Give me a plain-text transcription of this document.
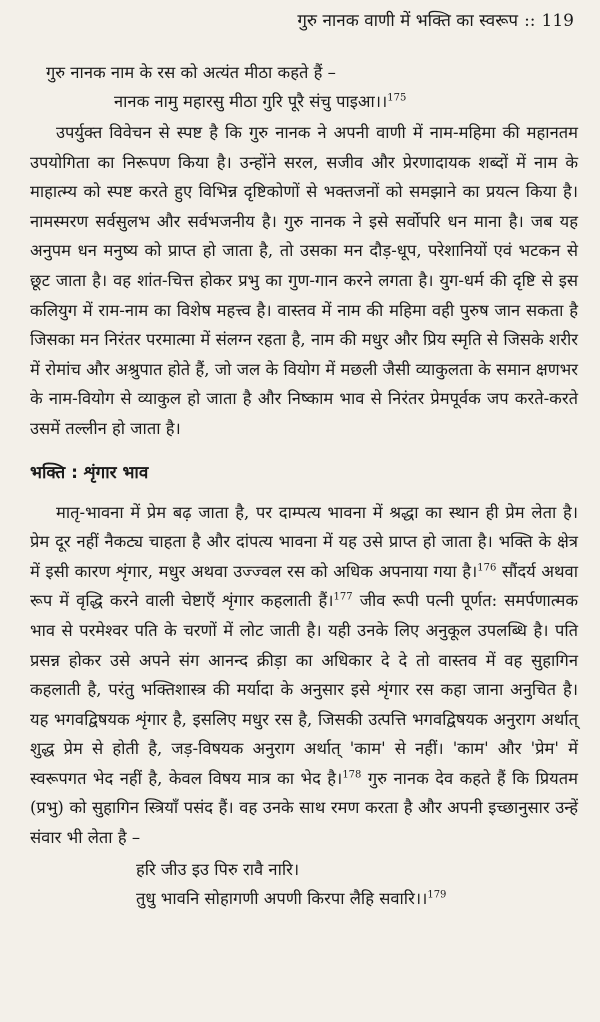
गुरु नानक वाणी में भक्ति का स्वरूप :: 119
गुरु नानक नाम के रस को अत्यंत मीठा कहते हैं –
नानक नामु महारसु मीठा गुरि पूरै संचु पाइआ।।$^{175}$

उपर्युक्त विवेचन से स्पष्ट है कि गुरु नानक ने अपनी वाणी में नाम-महिमा की महानतम उपयोगिता का निरूपण किया है। उन्होंने सरल, सजीव और प्रेरणादायक शब्दों में नाम के माहात्म्य को स्पष्ट करते हुए विभिन्न दृष्टिकोणों से भक्तजनों को समझाने का प्रयत्न किया है। नामस्मरण सर्वसुलभ और सर्वभजनीय है। गुरु नानक ने इसे सर्वोपरि धन माना है। जब यह अनुपम धन मनुष्य को प्राप्त हो जाता है, तो उसका मन दौड़-धूप, परेशानियों एवं भटकन से छूट जाता है। वह शांत-चित्त होकर प्रभु का गुण-गान करने लगता है। युग-धर्म की दृष्टि से इस कलियुग में राम-नाम का विशेष महत्त्व है। वास्तव में नाम की महिमा वही पुरुष जान सकता है जिसका मन निरंतर परमात्मा में संलग्न रहता है, नाम की मधुर और प्रिय स्मृति से जिसके शरीर में रोमांच और अश्रुपात होते हैं, जो जल के वियोग में मछली जैसी व्याकुलता के समान क्षणभर के नाम-वियोग से व्याकुल हो जाता है और निष्काम भाव से निरंतर प्रेमपूर्वक जप करते-करते उसमें तल्लीन हो जाता है।

भक्ति : शृंगार भाव

मातृ-भावना में प्रेम बढ़ जाता है, पर दाम्पत्य भावना में श्रद्धा का स्थान ही प्रेम लेता है। प्रेम दूर नहीं नैकट्य चाहता है और दांपत्य भावना में यह उसे प्राप्त हो जाता है। भक्ति के क्षेत्र में इसी कारण शृंगार, मधुर अथवा उज्ज्वल रस को अधिक अपनाया गया है।$^{176}$ सौंदर्य अथवा रूप में वृद्धि करने वाली चेष्टाएँ शृंगार कहलाती हैं।$^{177}$ जीव रूपी पत्नी पूर्णत: समर्पणात्मक भाव से परमेश्वर पति के चरणों में लोट जाती है। यही उनके लिए अनुकूल उपलब्धि है। पति प्रसन्न होकर उसे अपने संग आनन्द क्रीड़ा का अधिकार दे दे तो वास्तव में वह सुहागिन कहलाती है, परंतु भक्तिशास्त्र की मर्यादा के अनुसार इसे शृंगार रस कहा जाना अनुचित है। यह भगवद्विषयक शृंगार है, इसलिए मधुर रस है, जिसकी उत्पत्ति भगवद्विषयक अनुराग अर्थात् शुद्ध प्रेम से होती है, जड़-विषयक अनुराग अर्थात् 'काम' से नहीं। 'काम' और 'प्रेम' में स्वरूपगत भेद नहीं है, केवल विषय मात्र का भेद है।$^{178}$ गुरु नानक देव कहते हैं कि प्रियतम (प्रभु) को सुहागिन स्त्रियाँ पसंद हैं। वह उनके साथ रमण करता है और अपनी इच्छानुसार उन्हें संवार भी लेता है –

हरि जीउ इउ पिरु रावै नारि।
तुधु भावनि सोहागणी अपणी किरपा लैहि सवारि।।$^{179}$
